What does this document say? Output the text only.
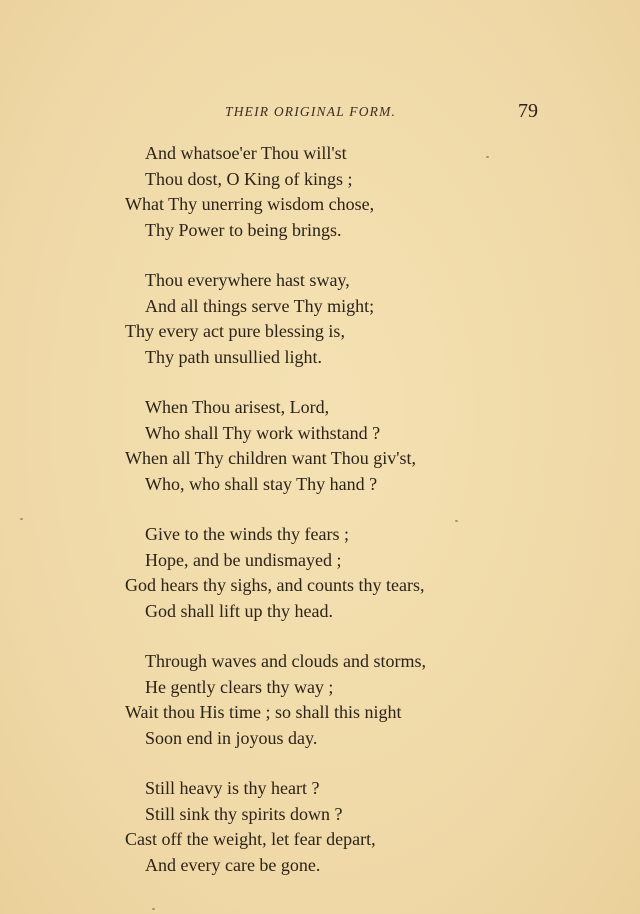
THEIR ORIGINAL FORM.	79
And whatsoe'er Thou will'st
Thou dost, O King of kings ;
What Thy unerring wisdom chose,
Thy Power to being brings.
Thou everywhere hast sway,
And all things serve Thy might;
Thy every act pure blessing is,
Thy path unsullied light.
When Thou arisest, Lord,
Who shall Thy work withstand ?
When all Thy children want Thou giv'st,
Who, who shall stay Thy hand ?
Give to the winds thy fears ;
Hope, and be undismayed ;
God hears thy sighs, and counts thy tears,
God shall lift up thy head.
Through waves and clouds and storms,
He gently clears thy way ;
Wait thou His time ; so shall this night
Soon end in joyous day.
Still heavy is thy heart ?
Still sink thy spirits down ?
Cast off the weight, let fear depart,
And every care be gone.
